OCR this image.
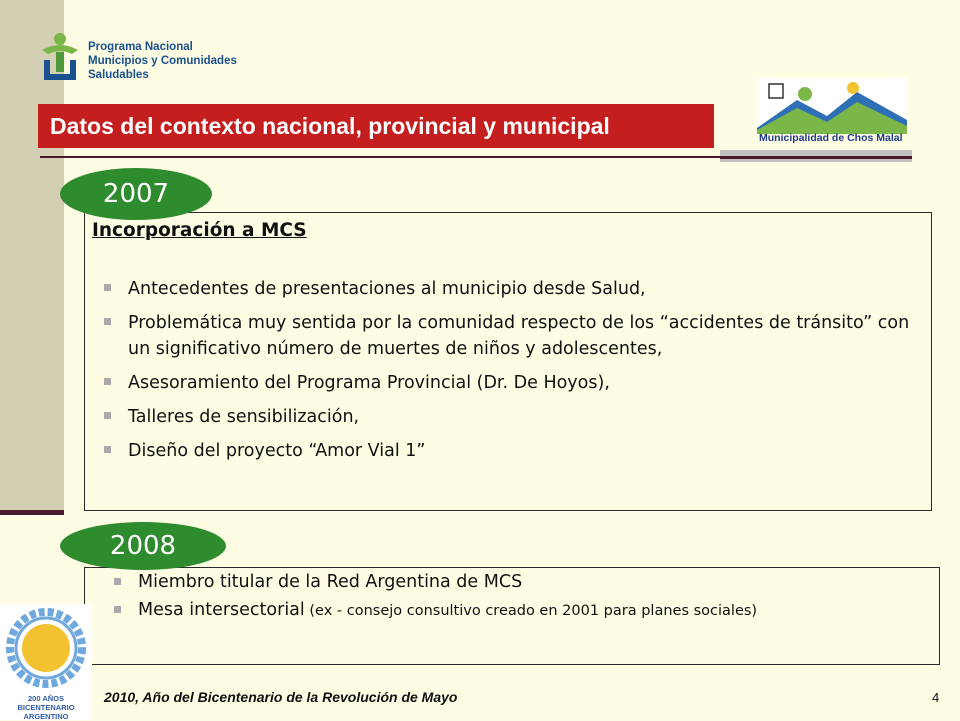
Programa Nacional
Municipios y Comunidades Saludables
Municipalidad de Chos Malal
Datos del contexto nacional, provincial y municipal
2007
Incorporación a MCS
Antecedentes de presentaciones al municipio desde Salud,
Problemática muy sentida por la comunidad respecto de los “accidentes de tránsito” con un significativo número de muertes de niños y adolescentes,
Asesoramiento del Programa Provincial (Dr. De Hoyos),
Talleres de sensibilización,
Diseño del proyecto “Amor Vial 1”
2008
Miembro titular de la Red Argentina de MCS
Mesa intersectorial (ex - consejo consultivo creado en 2001 para planes sociales)
200 AÑOS
BICENTENARIO
ARGENTINO
2010, Año del Bicentenario de la Revolución de Mayo	4
